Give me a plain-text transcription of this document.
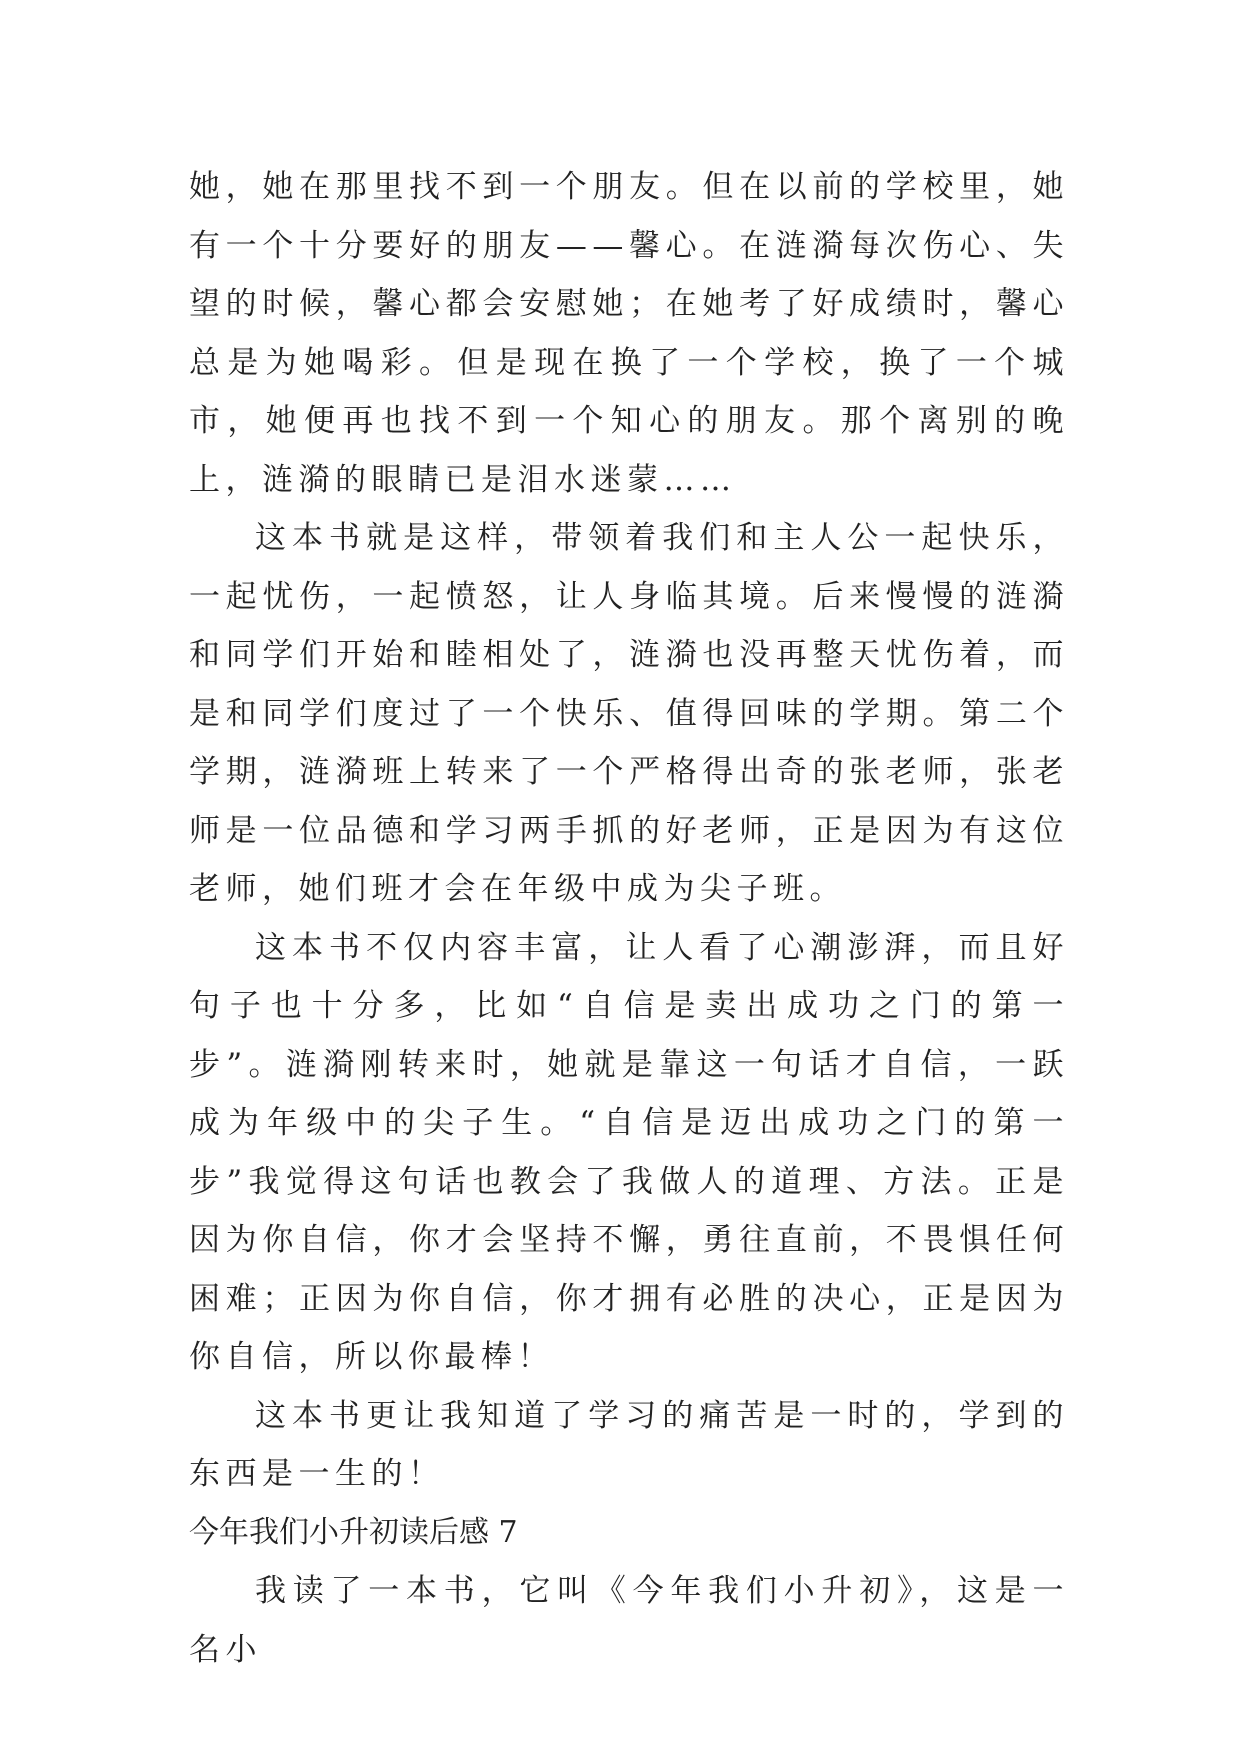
她，她在那里找不到一个朋友。但在以前的学校里，她有一个十分要好的朋友——馨心。在涟漪每次伤心、失望的时候，馨心都会安慰她；在她考了好成绩时，馨心总是为她喝彩。但是现在换了一个学校，换了一个城市，她便再也找不到一个知心的朋友。那个离别的晚上，涟漪的眼睛已是泪水迷蒙……

这本书就是这样，带领着我们和主人公一起快乐，一起忧伤，一起愤怒，让人身临其境。后来慢慢的涟漪和同学们开始和睦相处了，涟漪也没再整天忧伤着，而是和同学们度过了一个快乐、值得回味的学期。第二个学期，涟漪班上转来了一个严格得出奇的张老师，张老师是一位品德和学习两手抓的好老师，正是因为有这位老师，她们班才会在年级中成为尖子班。

这本书不仅内容丰富，让人看了心潮澎湃，而且好句子也十分多，比如“自信是卖出成功之门的第一步”。涟漪刚转来时，她就是靠这一句话才自信，一跃成为年级中的尖子生。“自信是迈出成功之门的第一步”我觉得这句话也教会了我做人的道理、方法。正是因为你自信，你才会坚持不懈，勇往直前，不畏惧任何困难；正因为你自信，你才拥有必胜的决心，正是因为你自信，所以你最棒！

这本书更让我知道了学习的痛苦是一时的，学到的东西是一生的！

今年我们小升初读后感 7

我读了一本书，它叫《今年我们小升初》，这是一名小
